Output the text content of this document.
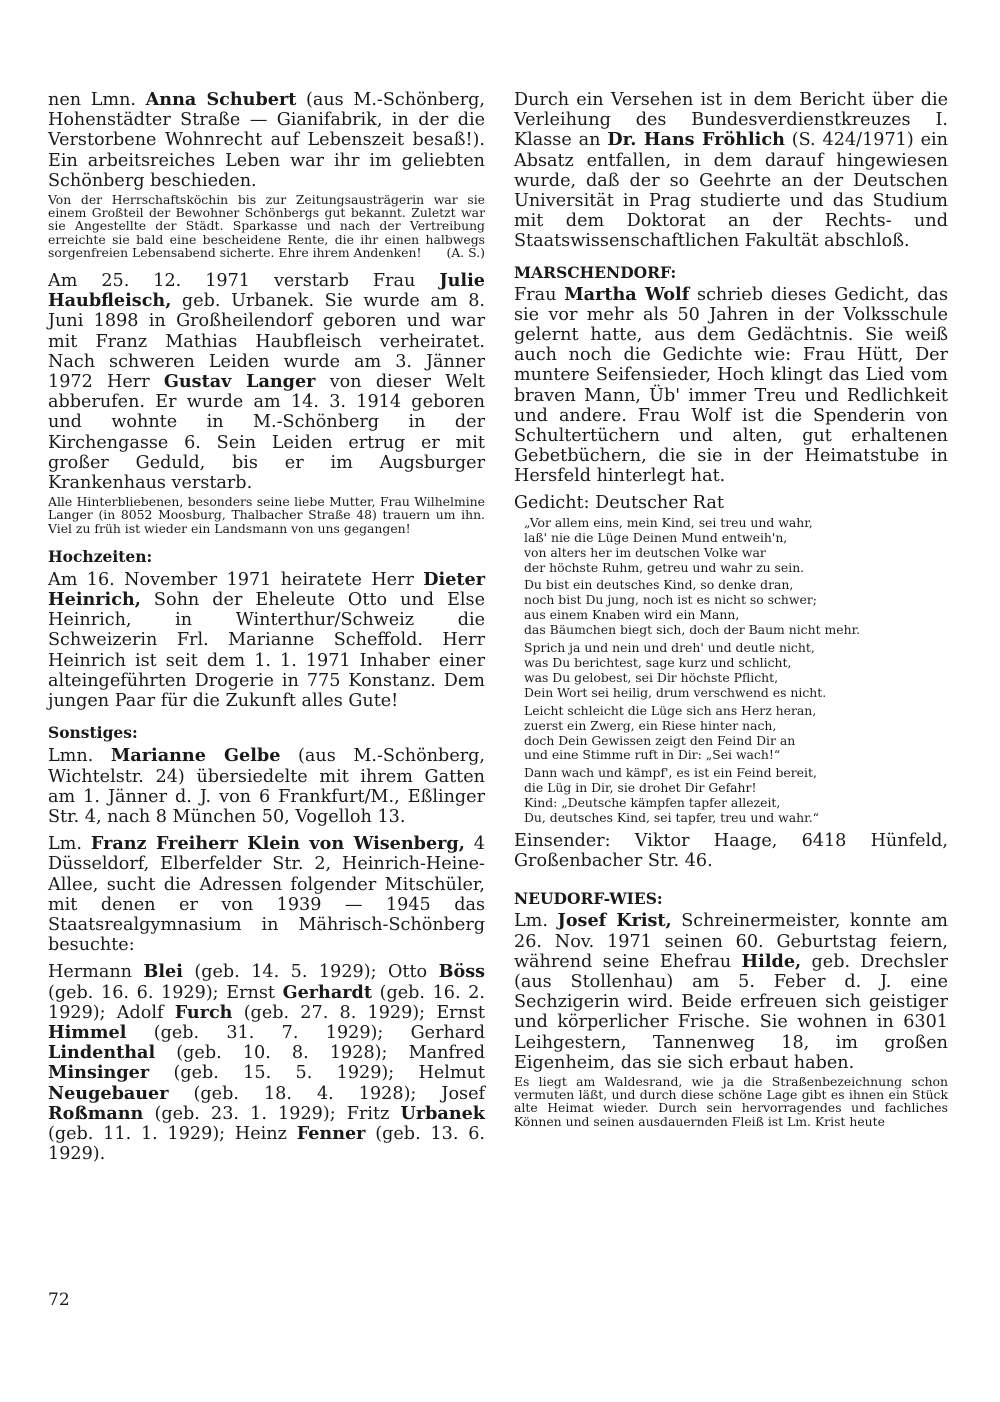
nen Lmn. Anna Schubert (aus M.-Schönberg, Hohenstädter Straße — Gianifabrik, in der die Verstorbene Wohnrecht auf Lebenszeit besaß!). Ein arbeitsreiches Leben war ihr im geliebten Schönberg beschieden.

Von der Herrschaftsköchin bis zur Zeitungsausträgerin war sie einem Großteil der Bewohner Schönbergs gut bekannt. Zuletzt war sie Angestellte der Städt. Sparkasse und nach der Vertreibung erreichte sie bald eine bescheidene Rente, die ihr einen halbwegs sorgenfreien Lebensabend sicherte. Ehre ihrem Andenken! (A. S.)

Am 25. 12. 1971 verstarb Frau Julie Haubfleisch, geb. Urbanek. Sie wurde am 8. Juni 1898 in Großheilendorf geboren und war mit Franz Mathias Haubfleisch verheiratet. Nach schweren Leiden wurde am 3. Jänner 1972 Herr Gustav Langer von dieser Welt abberufen. Er wurde am 14. 3. 1914 geboren und wohnte in M.-Schönberg in der Kirchengasse 6. Sein Leiden ertrug er mit großer Geduld, bis er im Augsburger Krankenhaus verstarb.

Alle Hinterbliebenen, besonders seine liebe Mutter, Frau Wilhelmine Langer (in 8052 Moosburg, Thalbacher Straße 48) trauern um ihn. Viel zu früh ist wieder ein Landsmann von uns gegangen!

Hochzeiten:

Am 16. November 1971 heiratete Herr Dieter Heinrich, Sohn der Eheleute Otto und Else Heinrich, in Winterthur/Schweiz die Schweizerin Frl. Marianne Scheffold. Herr Heinrich ist seit dem 1. 1. 1971 Inhaber einer alteingeführten Drogerie in 775 Konstanz. Dem jungen Paar für die Zukunft alles Gute!

Sonstiges:

Lmn. Marianne Gelbe (aus M.-Schönberg, Wichtelstr. 24) übersiedelte mit ihrem Gatten am 1. Jänner d. J. von 6 Frankfurt/M., Eßlinger Str. 4, nach 8 München 50, Vogelloh 13.

Lm. Franz Freiherr Klein von Wisenberg, 4 Düsseldorf, Elberfelder Str. 2, Heinrich-Heine-Allee, sucht die Adressen folgender Mitschüler, mit denen er von 1939 — 1945 das Staatsrealgymnasium in Mährisch-Schönberg besuchte:

Hermann Blei (geb. 14. 5. 1929); Otto Böss (geb. 16. 6. 1929); Ernst Gerhardt (geb. 16. 2. 1929); Adolf Furch (geb. 27. 8. 1929); Ernst Himmel (geb. 31. 7. 1929); Gerhard Lindenthal (geb. 10. 8. 1928); Manfred Minsinger (geb. 15. 5. 1929); Helmut Neugebauer (geb. 18. 4. 1928); Josef Roßmann (geb. 23. 1. 1929); Fritz Urbanek (geb. 11. 1. 1929); Heinz Fenner (geb. 13. 6. 1929).

Durch ein Versehen ist in dem Bericht über die Verleihung des Bundesverdienstkreuzes I. Klasse an Dr. Hans Fröhlich (S. 424/1971) ein Absatz entfallen, in dem darauf hingewiesen wurde, daß der so Geehrte an der Deutschen Universität in Prag studierte und das Studium mit dem Doktorat an der Rechts- und Staatswissenschaftlichen Fakultät abschloß.

MARSCHENDORF:

Frau Martha Wolf schrieb dieses Gedicht, das sie vor mehr als 50 Jahren in der Volksschule gelernt hatte, aus dem Gedächtnis. Sie weiß auch noch die Gedichte wie: Frau Hütt, Der muntere Seifensieder, Hoch klingt das Lied vom braven Mann, Üb' immer Treu und Redlichkeit und andere. Frau Wolf ist die Spenderin von Schultertüchern und alten, gut erhaltenen Gebetbüchern, die sie in der Heimatstube in Hersfeld hinterlegt hat.

Gedicht: Deutscher Rat
„Vor allem eins, mein Kind, sei treu und wahr,
laß' nie die Lüge Deinen Mund entweih'n,
von alters her im deutschen Volke war
der höchste Ruhm, getreu und wahr zu sein.
Du bist ein deutsches Kind, so denke dran,
noch bist Du jung, noch ist es nicht so schwer;
aus einem Knaben wird ein Mann,
das Bäumchen biegt sich, doch der Baum nicht mehr.
Sprich ja und nein und dreh' und deutle nicht,
was Du berichtest, sage kurz und schlicht,
was Du gelobest, sei Dir höchste Pflicht,
Dein Wort sei heilig, drum verschwend es nicht.
Leicht schleicht die Lüge sich ans Herz heran,
zuerst ein Zwerg, ein Riese hinter nach,
doch Dein Gewissen zeigt den Feind Dir an
und eine Stimme ruft in Dir: „Sei wach!“
Dann wach und kämpf', es ist ein Feind bereit,
die Lüg in Dir, sie drohet Dir Gefahr!
Kind: „Deutsche kämpfen tapfer allezeit,
Du, deutsches Kind, sei tapfer, treu und wahr.“

Einsender: Viktor Haage, 6418 Hünfeld, Großenbacher Str. 46.

NEUDORF-WIES:

Lm. Josef Krist, Schreinermeister, konnte am 26. Nov. 1971 seinen 60. Geburtstag feiern, während seine Ehefrau Hilde, geb. Drechsler (aus Stollenhau) am 5. Feber d. J. eine Sechzigerin wird. Beide erfreuen sich geistiger und körperlicher Frische. Sie wohnen in 6301 Leihgestern, Tannenweg 18, im großen Eigenheim, das sie sich erbaut haben.

Es liegt am Waldesrand, wie ja die Straßenbezeichnung schon vermuten läßt, und durch diese schöne Lage gibt es ihnen ein Stück alte Heimat wieder. Durch sein hervorragendes und fachliches Können und seinen ausdauernden Fleiß ist Lm. Krist heute

72
